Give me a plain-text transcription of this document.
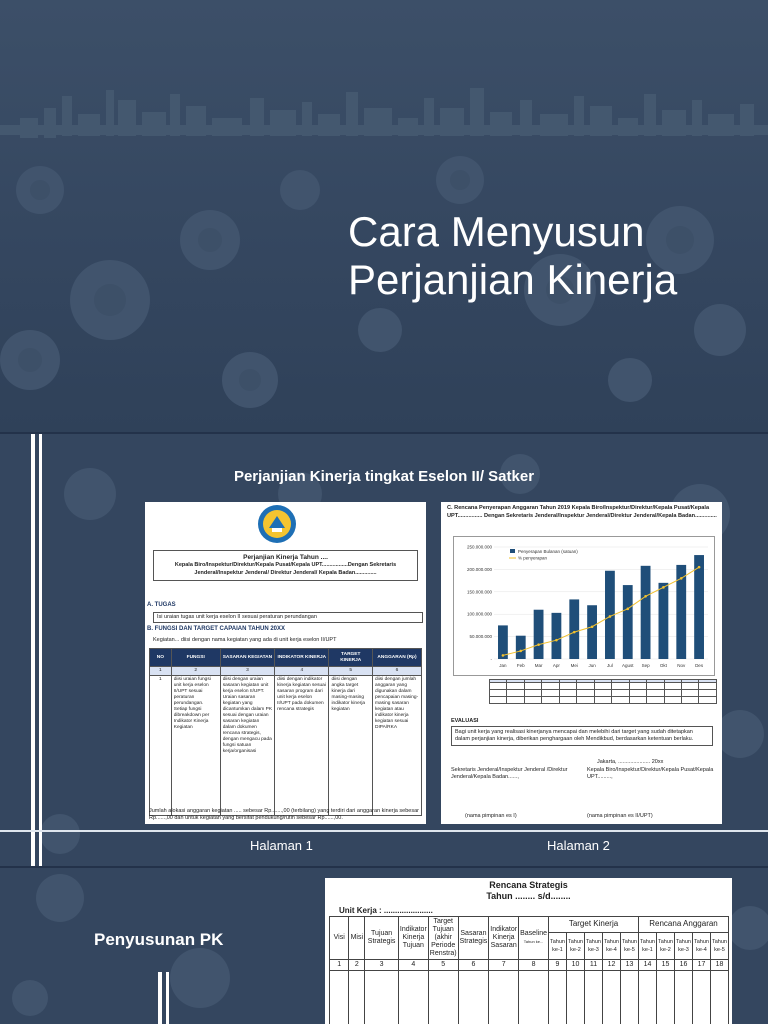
Cara Menyusun
Perjanjian Kinerja
Perjanjian Kinerja tingkat Eselon II/ Satker
Perjanjian Kinerja Tahun ....
Kepala Biro/Inspektur/Direktur/Kepala Pusat/Kepala UPT.................Dengan Sekretaris Jenderal/Inspektur Jenderal/ Direktur Jenderal/ Kepala Badan..............
A. TUGAS
Isi uraian tugas unit kerja eselon II sesuai peraturan perundangan
B. FUNGSI DAN TARGET CAPAIAN TAHUN 20XX
Kegiatan... diisi dengan nama kegiatan yang ada di unit kerja eselon II/UPT
NO	FUNGSI	SASARAN KEGIATAN	INDIKATOR KINERJA	TARGET KINERJA	ANGGARAN (Rp)
1	2	3	4	5	6
1	diisi uraian fungsi unit kerja eselon II/UPT sesuai peraturan perundangan. Setiap fungsi dibreakdown per Indikator Kinerja Kegiatan	diisi dengan uraian sasaran kegiatan unit kerja eselon II/UPT. Uraian sasaran kegiatan yang dicantumkan dalam PK sesuai dengan uraian sasaran kegiatan dalam dokumen rencana strategis, dengan mengacu pada fungsi satuan kerja/organisasi	diisi dengan indikator kinerja kegiatan sesuai sasaran program dari unit kerja eselon II/UPT pada dokumen rencana strategis	diisi dengan angka target kinerja dari masing-masing indikator kinerja kegiatan	diisi dengan jumlah anggaran yang digunakan dalam pencapaian masing-masing sasaran kegiatan atau indikator kinerja kegiatan sesuai DIPA/RKA
Jumlah alokasi anggaran kegiatan ..... sebesar Rp.......,00 (terbilang) yang terdiri dari anggaran kinerja sebesar Rp......,00 dan untuk kegiatan yang bersifat pendukung/rutin sebesar Rp......,00.
C. Rencana Penyerapan Anggaran Tahun 2019 Kepala Biro/Inspektur/Direktur/Kepala Pusat/Kepala UPT................ Dengan Sekretaris Jenderal/Inspektur Jenderal/Direktur Jenderal/Kepala Badan..............
-
50.000.000
100.000.000
150.000.000
200.000.000
250.000.000
Jan Feb Mar Apr Mei Jun	Jul Agust Sep Okt Nov Des
Penyerapan Bulanan (satuan)
% penyerapan

EVALUASI
Bagi unit kerja yang realisasi kinerjanya mencapai dan melebihi dari target yang sudah ditetapkan dalam perjanjian kinerja, diberikan penghargaan oleh Mendikbud, berdasarkan ketentuan berlaku.
Jakarta, ..................... 20xx
Sekretaris Jenderal/Inspektur Jenderal /Direktur Jenderal/Kepala Badan......,
Kepala Biro/Inspektur/Direktur/Kepala Pusat/Kepala UPT.........,
(nama pimpinan es I)	(nama pimpinan es II/UPT)
Halaman 1	Halaman 2
Penyusunan PK
Rencana Strategis
Tahun ........ s/d........
Unit Kerja : ......................
Visi	Misi	Tujuan Strategis	Indikator Kinerja Tujuan	Target Tujuan (akhir Periode Renstra)	Sasaran Strategis	Indikator Kinerja Sasaran	Baseline
Tahun ke...	Target Kinerja					Rencana Anggaran				
								Tahun ke-1	Tahun ke-2	Tahun ke-3	Tahun ke-4	Tahun ke-5	Tahun ke-1	Tahun ke-2	Tahun ke-3	Tahun ke-4	Tahun ke-5
1	2	3	4	5	6	7	8	9	10	11	12	13	14	15	16	17	18
